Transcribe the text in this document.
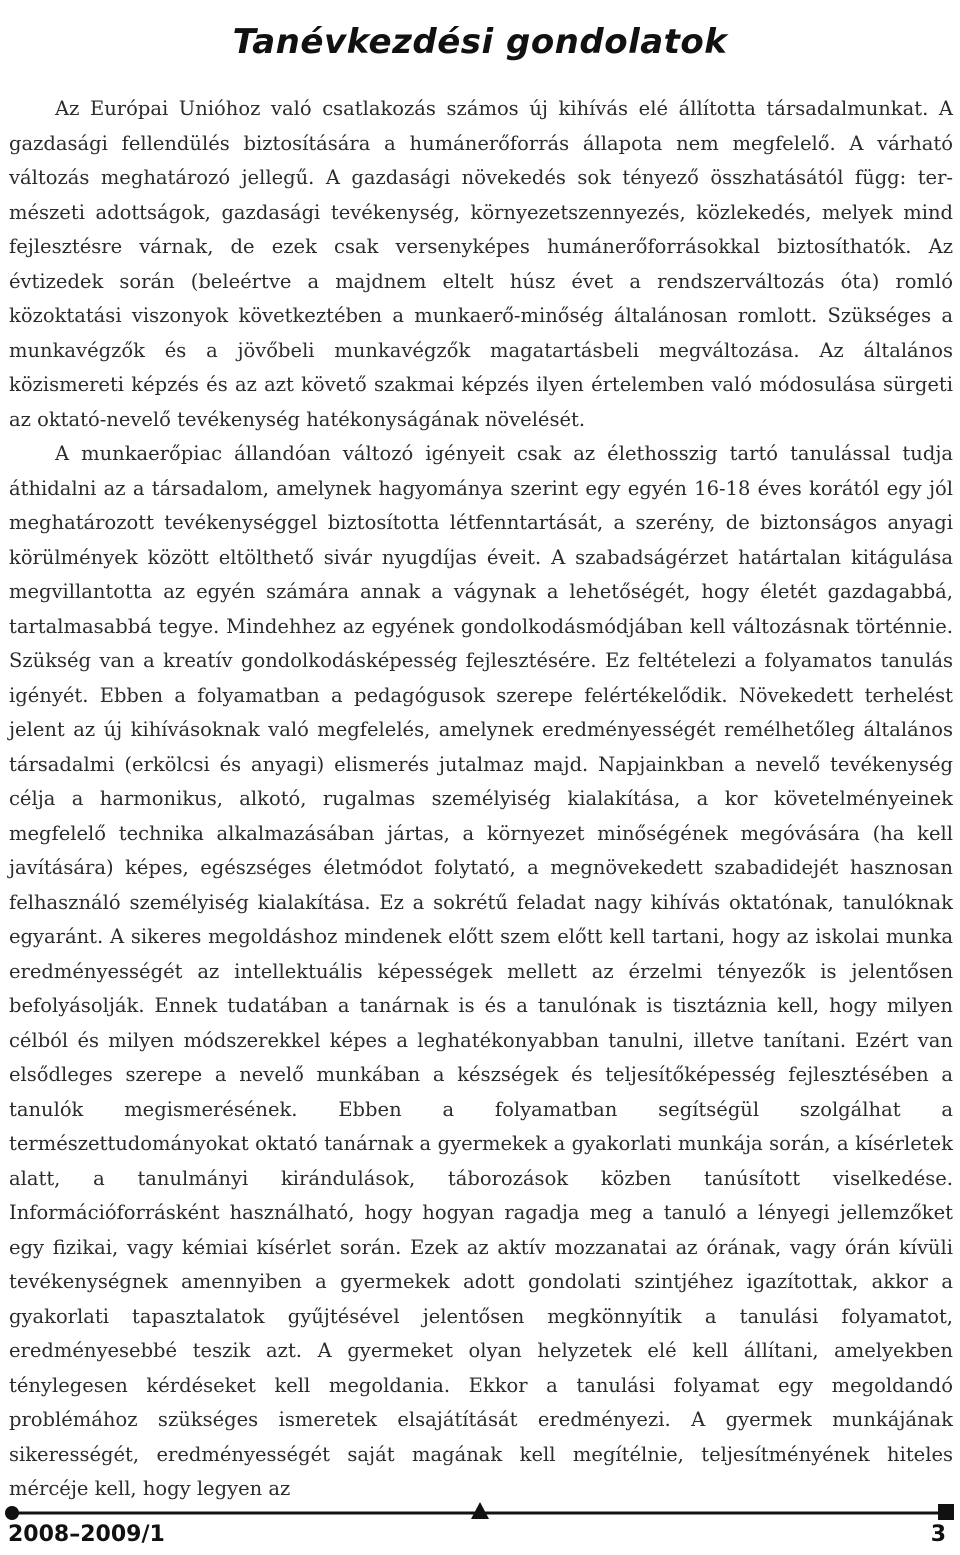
Tanévkezdési gondolatok

Az Európai Unióhoz való csatlakozás számos új kihívás elé állította társadalmunkat. A gazdasági fellendülés biztosítására a humánerőforrás állapota nem megfelelő. A várható változás meghatározó jellegű. A gazdasági növekedés sok tényező összhatásától függ: természeti adottságok, gazdasági tevékenység, környezetszennyezés, közlekedés, melyek mind fejlesztésre várnak, de ezek csak versenyképes humánerőforrásokkal biztosíthatók. Az évtizedek során (beleértve a majdnem eltelt húsz évet a rendszerváltozás óta) romló közoktatási viszonyok következtében a munkaerő-minőség általánosan romlott. Szükséges a munkavégzők és a jövőbeli munkavégzők magatartásbeli megváltozása. Az általános közismereti képzés és az azt követő szakmai képzés ilyen értelemben való módosulása sürgeti az oktató-nevelő tevékenység hatékonyságának növelését.

A munkaerőpiac állandóan változó igényeit csak az élethosszig tartó tanulással tudja áthidalni az a társadalom, amelynek hagyománya szerint egy egyén 16-18 éves korától egy jól meghatározott tevékenységgel biztosította létfenntartását, a szerény, de biztonságos anyagi körülmények között eltölthető sivár nyugdíjas éveit. A szabadságérzet határtalan kitágulása megvillantotta az egyén számára annak a vágynak a lehetőségét, hogy életét gazdagabbá, tartalmasabbá tegye. Mindehhez az egyének gondolkodásmódjában kell változásnak történnie. Szükség van a kreatív gondolkodásképesség fejlesztésére. Ez feltételezi a folyamatos tanulás igényét. Ebben a folyamatban a pedagógusok szerepe felértékelődik. Növekedett terhelést jelent az új kihívásoknak való megfelelés, amelynek eredményességét remélhetőleg általános társadalmi (erkölcsi és anyagi) elismerés jutalmaz majd. Napjainkban a nevelő tevékenység célja a harmonikus, alkotó, rugalmas személyiség kialakítása, a kor követelményeinek megfelelő technika alkalmazásában jártas, a környezet minőségének megóvására (ha kell javítására) képes, egészséges életmódot folytató, a megnövekedett szabadidejét hasznosan felhasználó személyiség kialakítása. Ez a sokrétű feladat nagy kihívás oktatónak, tanulóknak egyaránt. A sikeres megoldáshoz mindenek előtt szem előtt kell tartani, hogy az iskolai munka eredményességét az intellektuális képességek mellett az érzelmi tényezők is jelentősen befolyásolják. Ennek tudatában a tanárnak is és a tanulónak is tisztáznia kell, hogy milyen célból és milyen módszerekkel képes a leghatékonyabban tanulni, illetve tanítani. Ezért van elsődleges szerepe a nevelő munkában a készségek és teljesítőképesség fejlesztésében a tanulók megismerésének. Ebben a folyamatban segítségül szolgálhat a természettudományokat oktató tanárnak a gyermekek a gyakorlati munkája során, a kísérletek alatt, a tanulmányi kirándulások, táborozások közben tanúsított viselkedése. Információforrásként használható, hogy hogyan ragadja meg a tanuló a lényegi jellemzőket egy fizikai, vagy kémiai kísérlet során. Ezek az aktív mozzanatai az órának, vagy órán kívüli tevékenységnek amennyiben a gyermekek adott gondolati szintjéhez igazítottak, akkor a gyakorlati tapasztalatok gyűjtésével jelentősen megkönnyítik a tanulási folyamatot, eredményesebbé teszik azt. A gyermeket olyan helyzetek elé kell állítani, amelyekben ténylegesen kérdéseket kell megoldania. Ekkor a tanulási folyamat egy megoldandó problémához szükséges ismeretek elsajátítását eredményezi. A gyermek munkájának sikerességét, eredményességét saját magának kell megítélnie, teljesítményének hiteles mércéje kell, hogy legyen az

2008–2009/1	3
